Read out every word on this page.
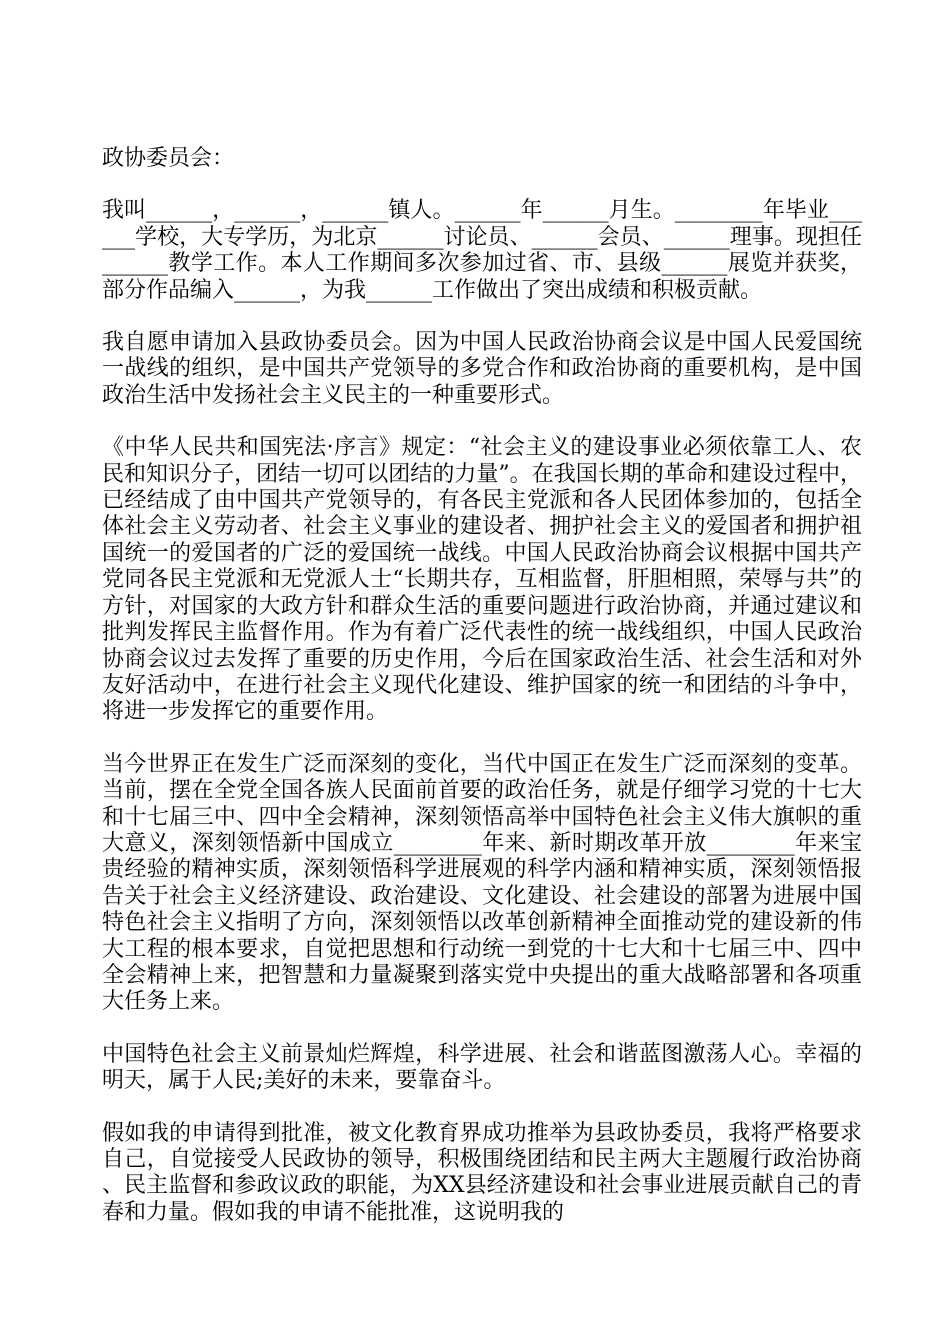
政协委员会：

我叫______，______，______镇人。______年______月生。________年毕业______学校，大专学历，为北京______讨论员、______会员、______理事。现担任______教学工作。本人工作期间多次参加过省、市、县级______展览并获奖，部分作品编入______，为我______工作做出了突出成绩和积极贡献。

我自愿申请加入县政协委员会。因为中国人民政治协商会议是中国人民爱国统一战线的组织，是中国共产党领导的多党合作和政治协商的重要机构，是中国政治生活中发扬社会主义民主的一种重要形式。

《中华人民共和国宪法·序言》规定：“社会主义的建设事业必须依靠工人、农民和知识分子，团结一切可以团结的力量”。在我国长期的革命和建设过程中，已经结成了由中国共产党领导的，有各民主党派和各人民团体参加的，包括全体社会主义劳动者、社会主义事业的建设者、拥护社会主义的爱国者和拥护祖国统一的爱国者的广泛的爱国统一战线。中国人民政治协商会议根据中国共产党同各民主党派和无党派人士“长期共存，互相监督，肝胆相照，荣辱与共”的方针，对国家的大政方针和群众生活的重要问题进行政治协商，并通过建议和批判发挥民主监督作用。作为有着广泛代表性的统一战线组织，中国人民政治协商会议过去发挥了重要的历史作用，今后在国家政治生活、社会生活和对外友好活动中，在进行社会主义现代化建设、维护国家的统一和团结的斗争中，将进一步发挥它的重要作用。

当今世界正在发生广泛而深刻的变化，当代中国正在发生广泛而深刻的变革。当前，摆在全党全国各族人民面前首要的政治任务，就是仔细学习党的十七大和十七届三中、四中全会精神，深刻领悟高举中国特色社会主义伟大旗帜的重大意义，深刻领悟新中国成立________年来、新时期改革开放________年来宝贵经验的精神实质，深刻领悟科学进展观的科学内涵和精神实质，深刻领悟报告关于社会主义经济建设、政治建设、文化建设、社会建设的部署为进展中国特色社会主义指明了方向，深刻领悟以改革创新精神全面推动党的建设新的伟大工程的根本要求，自觉把思想和行动统一到党的十七大和十七届三中、四中全会精神上来，把智慧和力量凝聚到落实党中央提出的重大战略部署和各项重大任务上来。

中国特色社会主义前景灿烂辉煌，科学进展、社会和谐蓝图激荡人心。幸福的明天，属于人民;美好的未来，要靠奋斗。

假如我的申请得到批准，被文化教育界成功推举为县政协委员，我将严格要求自己，自觉接受人民政协的领导，积极围绕团结和民主两大主题履行政治协商、民主监督和参政议政的职能，为XX县经济建设和社会事业进展贡献自己的青春和力量。假如我的申请不能批准，这说明我的
